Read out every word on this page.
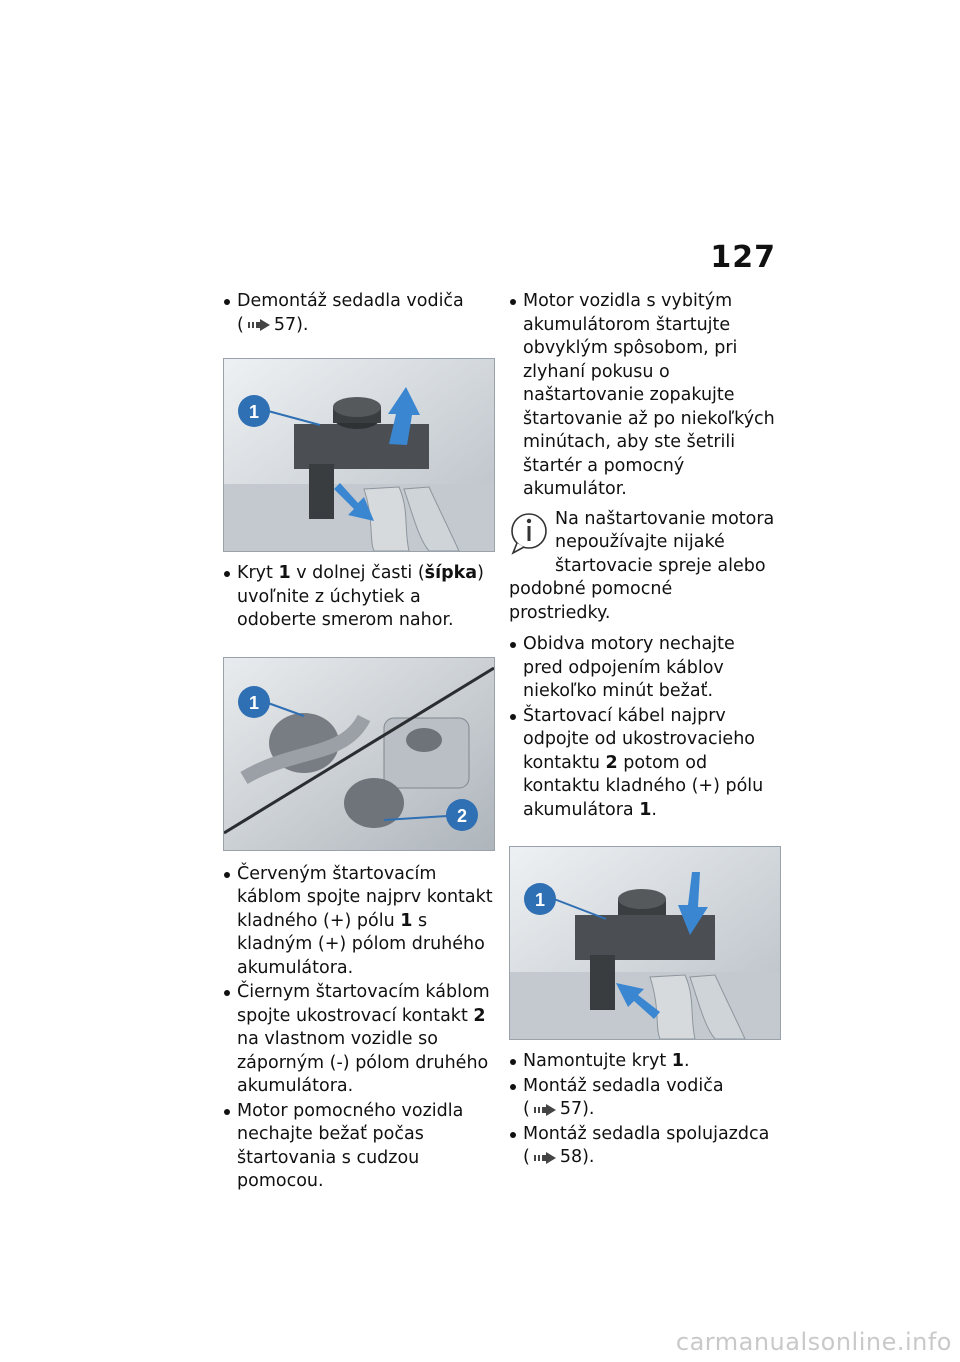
127
Demontáž sedadla vodiča
( 57).
1
Kryt 1 v dolnej časti (šípka) uvoľnite z úchytiek a odoberte smerom nahor.
1
2
Červeným štartovacím káblom spojte najprv kontakt kladného (+) pólu 1 s kladným (+) pólom druhého akumulátora.
Čiernym štartovacím káblom spojte ukostrovací kontakt 2 na vlastnom vozidle so záporným (-) pólom druhého akumulátora.
Motor pomocného vozidla nechajte bežať počas štartovania s cudzou pomocou.
Motor vozidla s vybitým akumulátorom štartujte obvyklým spôsobom, pri zlyhaní pokusu o naštartovanie zopakujte štartovanie až po niekoľkých minútach, aby ste šetrili štartér a pomocný akumulátor.
Na naštartovanie motora nepoužívajte nijaké štartovacie spreje alebo podobné pomocné prostriedky.
Obidva motory nechajte pred odpojením káblov niekoľko minút bežať.
Štartovací kábel najprv odpojte od ukostrovacieho kontaktu 2 potom od kontaktu kladného (+) pólu akumulátora 1.
1
Namontujte kryt 1.
Montáž sedadla vodiča
( 57).
Montáž sedadla spolujazdca
( 58).
carmanualsonline.info
